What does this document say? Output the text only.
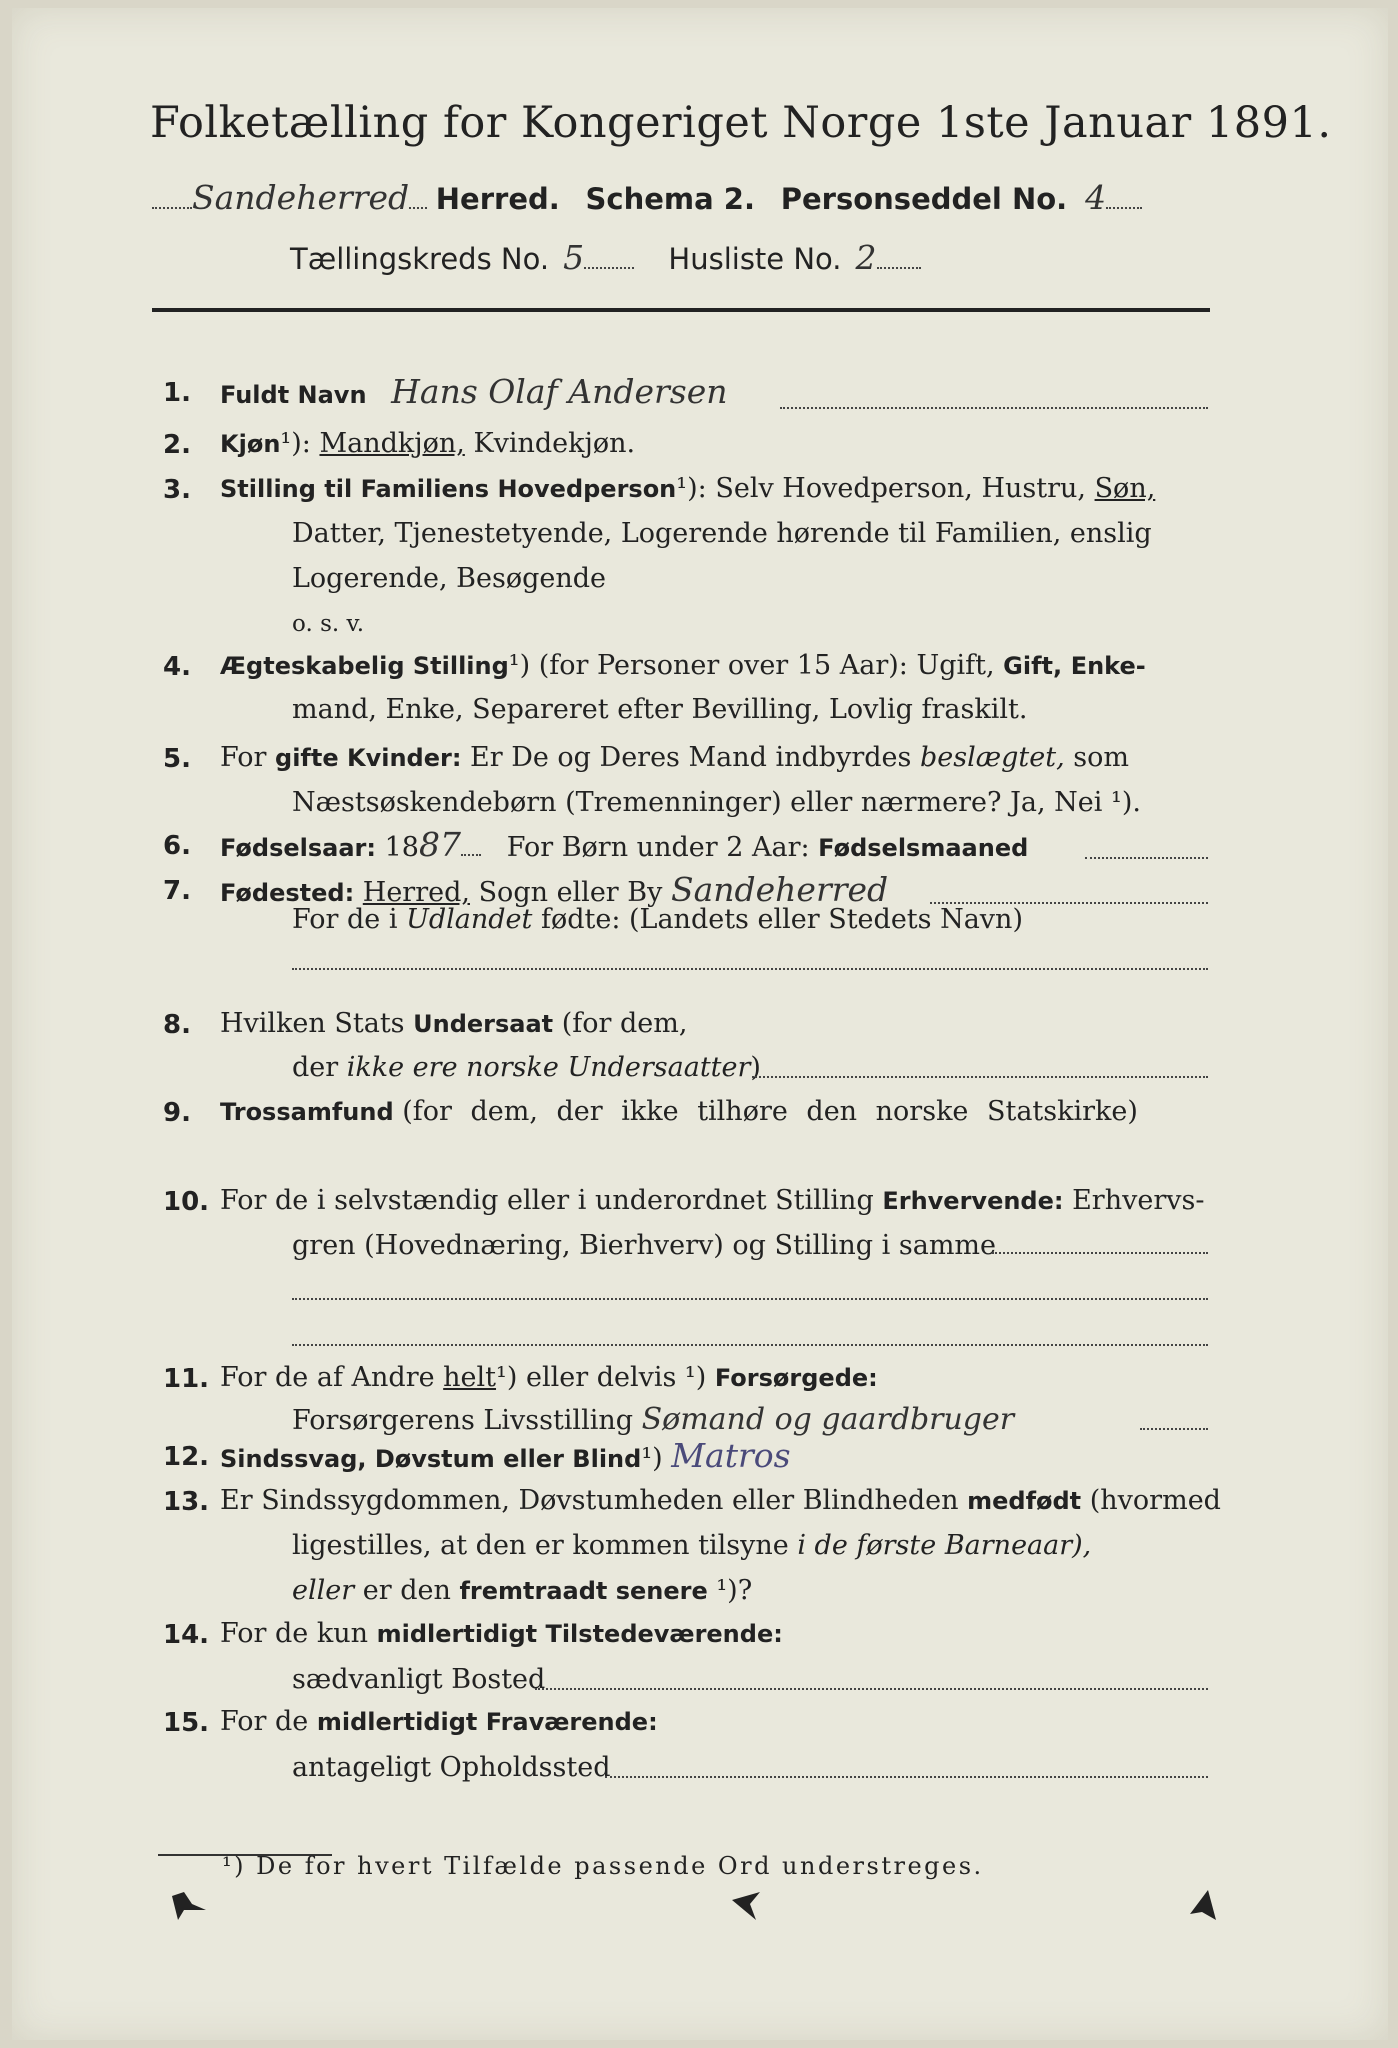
Folketælling for Kongeriget Norge 1ste Januar 1891.
Sandeherred Herred. Schema 2. Personseddel No. 4
Tællingskreds No. 5	Husliste No. 2
1. Fuldt Navn Hans Olaf Andersen
2. Kjøn¹): Mandkjøn, Kvindekjøn.
3. Stilling til Familiens Hovedperson¹): Selv Hovedperson, Hustru, Søn,
Datter, Tjenestetyende, Logerende hørende til Familien, enslig
Logerende, Besøgende
o. s. v.
4. Ægteskabelig Stilling¹) (for Personer over 15 Aar): Ugift, Gift, Enke-
mand, Enke, Separeret efter Bevilling, Lovlig fraskilt.
5. For gifte Kvinder: Er De og Deres Mand indbyrdes beslægtet, som
Næstsøskendebørn (Tremenninger) eller nærmere? Ja, Nei ¹).
6. Fødselsaar: 1887 For Børn under 2 Aar: Fødselsmaaned
7. Fødested: Herred, Sogn eller By Sandeherred
For de i Udlandet fødte: (Landets eller Stedets Navn)
8. Hvilken Stats Undersaat (for dem,
der ikke ere norske Undersaatter)
9. Trossamfund (for dem, der ikke tilhøre den norske Statskirke)
10. For de i selvstændig eller i underordnet Stilling Erhvervende: Erhvervs-
gren (Hovednæring, Bierhverv) og Stilling i samme
11. For de af Andre helt¹) eller delvis ¹) Forsørgede:
Forsørgerens Livsstilling Sømand og gaardbruger
12. Sindssvag, Døvstum eller Blind¹) Matros
13. Er Sindssygdommen, Døvstumheden eller Blindheden medfødt (hvormed
ligestilles, at den er kommen tilsyne i de første Barneaar),
eller er den fremtraadt senere ¹)?
14. For de kun midlertidigt Tilstedeværende:
sædvanligt Bosted
15. For de midlertidigt Fraværende:
antageligt Opholdssted
¹) De for hvert Tilfælde passende Ord understreges.
